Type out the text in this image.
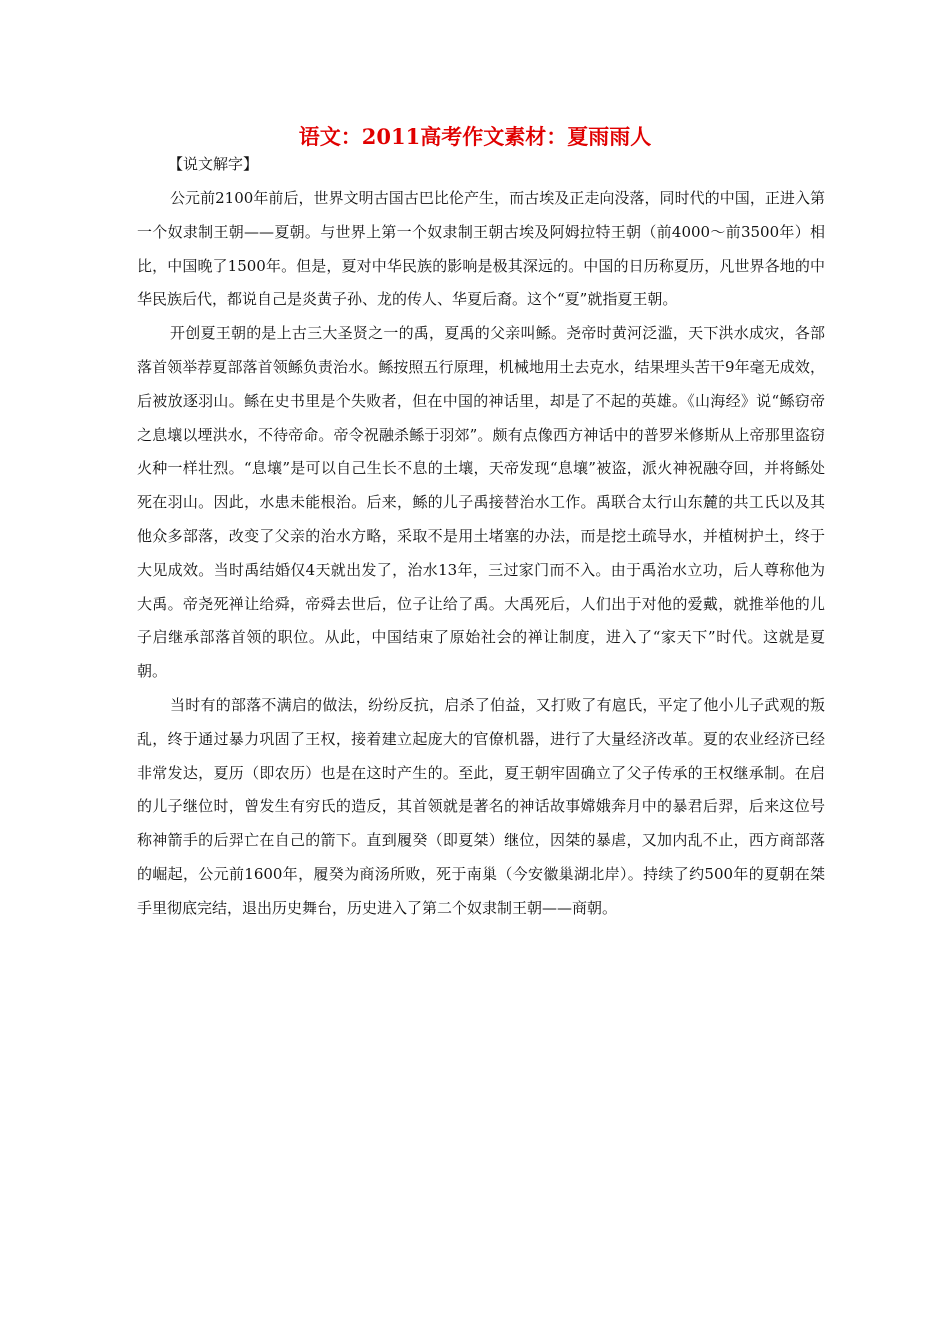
语文：2011高考作文素材：夏雨雨人

【说文解字】

公元前2100年前后，世界文明古国古巴比伦产生，而古埃及正走向没落，同时代的中国，正进入第一个奴隶制王朝——夏朝。与世界上第一个奴隶制王朝古埃及阿姆拉特王朝（前4000～前3500年）相比，中国晚了1500年。但是，夏对中华民族的影响是极其深远的。中国的日历称夏历，凡世界各地的中华民族后代，都说自己是炎黄子孙、龙的传人、华夏后裔。这个“夏”就指夏王朝。

开创夏王朝的是上古三大圣贤之一的禹，夏禹的父亲叫鲧。尧帝时黄河泛滥，天下洪水成灾，各部落首领举荐夏部落首领鲧负责治水。鲧按照五行原理，机械地用土去克水，结果埋头苦干9年毫无成效，后被放逐羽山。鲧在史书里是个失败者，但在中国的神话里，却是了不起的英雄。《山海经》说“鲧窃帝之息壤以堙洪水，不待帝命。帝令祝融杀鲧于羽郊”。颇有点像西方神话中的普罗米修斯从上帝那里盗窃火种一样壮烈。“息壤”是可以自己生长不息的土壤，天帝发现“息壤”被盗，派火神祝融夺回，并将鲧处死在羽山。因此，水患未能根治。后来，鲧的儿子禹接替治水工作。禹联合太行山东麓的共工氏以及其他众多部落，改变了父亲的治水方略，采取不是用土堵塞的办法，而是挖土疏导水，并植树护土，终于大见成效。当时禹结婚仅4天就出发了，治水13年，三过家门而不入。由于禹治水立功，后人尊称他为大禹。帝尧死禅让给舜，帝舜去世后，位子让给了禹。大禹死后，人们出于对他的爱戴，就推举他的儿子启继承部落首领的职位。从此，中国结束了原始社会的禅让制度，进入了“家天下”时代。这就是夏朝。

当时有的部落不满启的做法，纷纷反抗，启杀了伯益，又打败了有扈氏，平定了他小儿子武观的叛乱，终于通过暴力巩固了王权，接着建立起庞大的官僚机器，进行了大量经济改革。夏的农业经济已经非常发达，夏历（即农历）也是在这时产生的。至此，夏王朝牢固确立了父子传承的王权继承制。在启的儿子继位时，曾发生有穷氏的造反，其首领就是著名的神话故事嫦娥奔月中的暴君后羿，后来这位号称神箭手的后羿亡在自己的箭下。直到履癸（即夏桀）继位，因桀的暴虐，又加内乱不止，西方商部落的崛起，公元前1600年，履癸为商汤所败，死于南巢（今安徽巢湖北岸）。持续了约500年的夏朝在桀手里彻底完结，退出历史舞台，历史进入了第二个奴隶制王朝——商朝。
